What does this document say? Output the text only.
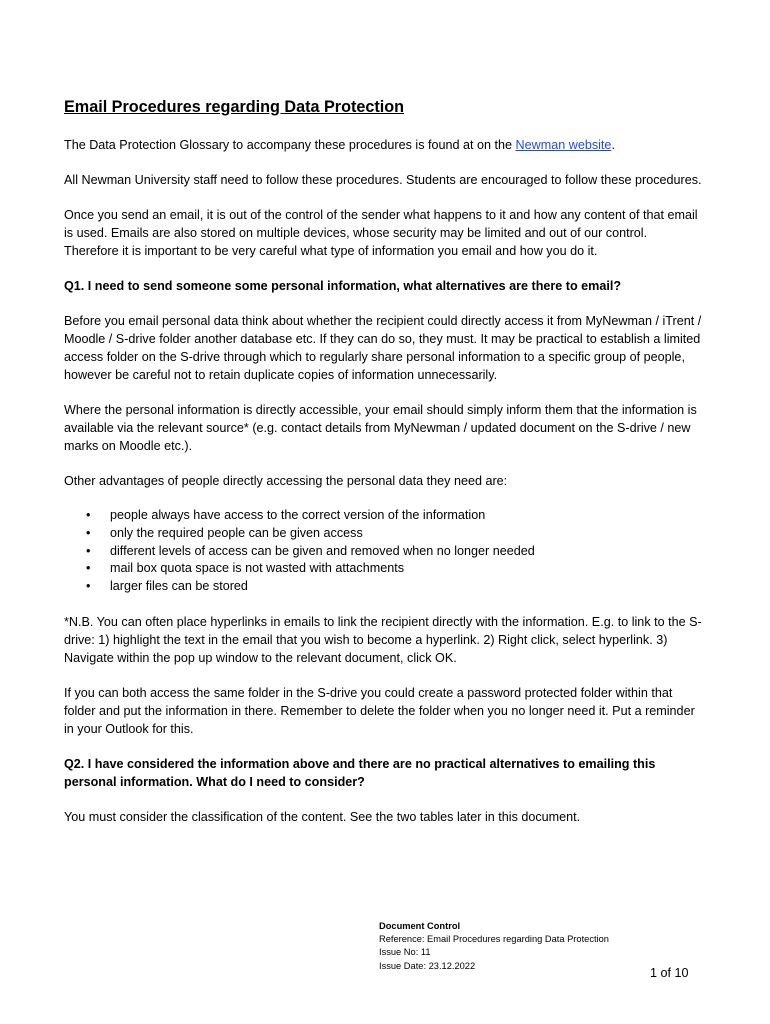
Email Procedures regarding Data Protection

The Data Protection Glossary to accompany these procedures is found at on the Newman website.

All Newman University staff need to follow these procedures. Students are encouraged to follow these procedures.

Once you send an email, it is out of the control of the sender what happens to it and how any content of that email is used. Emails are also stored on multiple devices, whose security may be limited and out of our control. Therefore it is important to be very careful what type of information you email and how you do it.

Q1. I need to send someone some personal information, what alternatives are there to email?

Before you email personal data think about whether the recipient could directly access it from MyNewman / iTrent / Moodle / S-drive folder another database etc. If they can do so, they must. It may be practical to establish a limited access folder on the S-drive through which to regularly share personal information to a specific group of people, however be careful not to retain duplicate copies of information unnecessarily.

Where the personal information is directly accessible, your email should simply inform them that the information is available via the relevant source* (e.g. contact details from MyNewman / updated document on the S-drive / new marks on Moodle etc.).

Other advantages of people directly accessing the personal data they need are:

• people always have access to the correct version of the information
• only the required people can be given access
• different levels of access can be given and removed when no longer needed
• mail box quota space is not wasted with attachments
• larger files can be stored

*N.B. You can often place hyperlinks in emails to link the recipient directly with the information. E.g. to link to the S-drive: 1) highlight the text in the email that you wish to become a hyperlink. 2) Right click, select hyperlink. 3) Navigate within the pop up window to the relevant document, click OK.

If you can both access the same folder in the S-drive you could create a password protected folder within that folder and put the information in there. Remember to delete the folder when you no longer need it. Put a reminder in your Outlook for this.

Q2. I have considered the information above and there are no practical alternatives to emailing this personal information. What do I need to consider?

You must consider the classification of the content. See the two tables later in this document.

Document Control
Reference: Email Procedures regarding Data Protection
Issue No: 11
Issue Date: 23.12.2022
1 of 10
